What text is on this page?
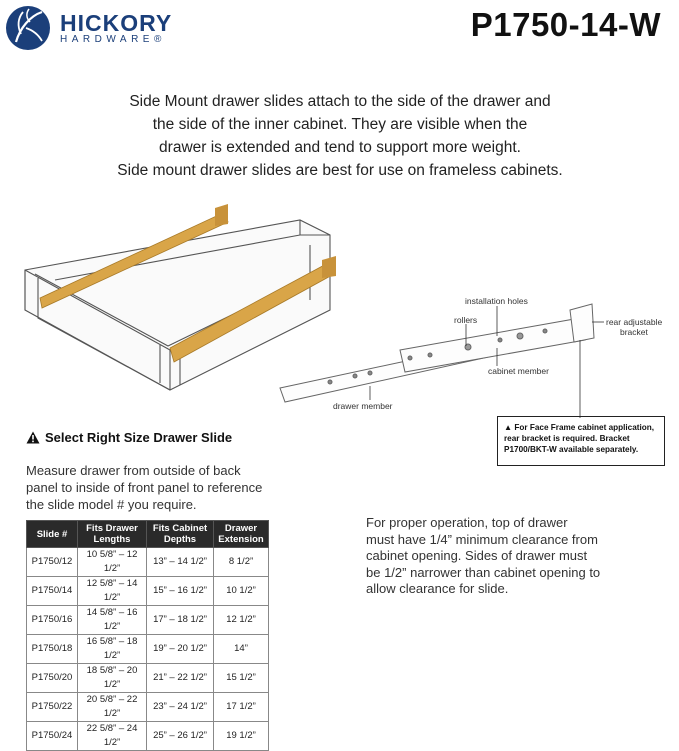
HICKORY
HARDWARE®	P1750-14-W
Side Mount drawer slides attach to the side of the drawer and
the side of the inner cabinet. They are visible when the
drawer is extended and tend to support more weight.
Side mount drawer slides are best for use on frameless cabinets.
installation holes
rollers	rear adjustable
bracket
cabinet member
drawer member
▲ For Face Frame cabinet application,
rear bracket is required. Bracket
P1700/BKT-W available separately.
Select Right Size Drawer Slide
Measure drawer from outside of back
panel to inside of front panel to reference
the slide model # you require.
Slide #	Fits Drawer Lengths	Fits Cabinet Depths	Drawer Extension
P1750/12	10 5/8” – 12 1/2”	13” – 14 1/2”	8 1/2”
P1750/14	12 5/8” – 14 1/2”	15” – 16 1/2”	10 1/2”
P1750/16	14 5/8” – 16 1/2”	17” – 18 1/2”	12 1/2”
P1750/18	16 5/8” – 18 1/2”	19” – 20 1/2”	14”
P1750/20	18 5/8” – 20 1/2”	21” – 22 1/2”	15 1/2”
P1750/22	20 5/8” – 22 1/2”	23” – 24 1/2”	17 1/2”
P1750/24	22 5/8” – 24 1/2”	25” – 26 1/2”	19 1/2”
For proper operation, top of drawer
must have 1/4” minimum clearance from
cabinet opening. Sides of drawer must
be 1/2” narrower than cabinet opening to
allow clearance for slide.
